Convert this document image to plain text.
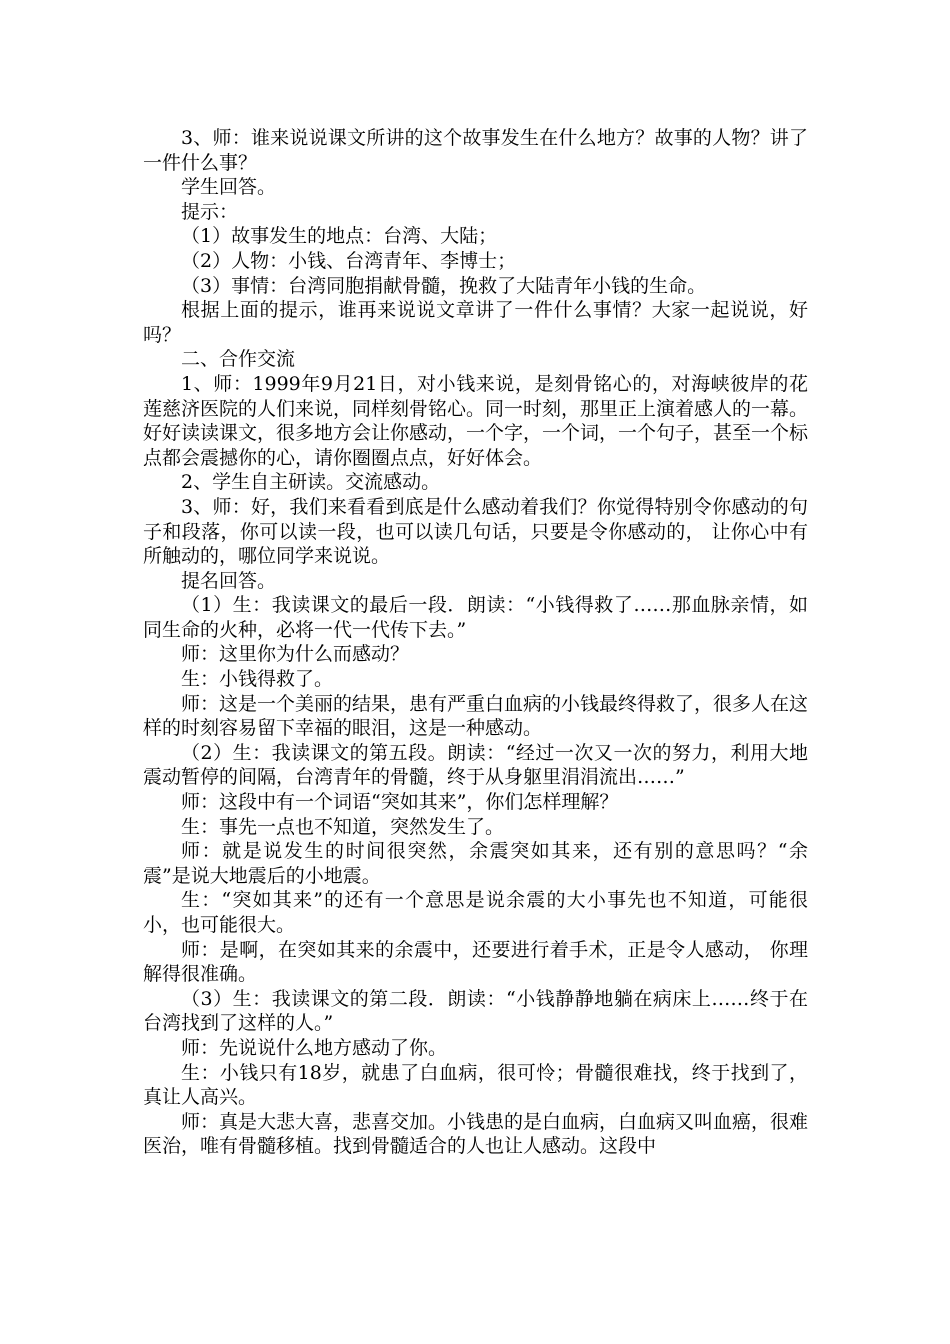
3、师：谁来说说课文所讲的这个故事发生在什么地方？故事的人物？讲了一件什么事？

学生回答。

提示：

（1）故事发生的地点：台湾、大陆；

（2）人物：小钱、台湾青年、李博士；

（3）事情：台湾同胞捐献骨髓，挽救了大陆青年小钱的生命。

根据上面的提示，谁再来说说文章讲了一件什么事情？大家一起说说，好吗？

二、合作交流

1、师：1999年9月21日，对小钱来说，是刻骨铭心的，对海峡彼岸的花莲慈济医院的人们来说，同样刻骨铭心。同一时刻，那里正上演着感人的一幕。好好读读课文，很多地方会让你感动，一个字，一个词，一个句子，甚至一个标点都会震撼你的心，请你圈圈点点，好好体会。

2、学生自主研读。交流感动。

3、师：好，我们来看看到底是什么感动着我们？你觉得特别令你感动的句子和段落，你可以读一段，也可以读几句话，只要是令你感动的， 让你心中有所触动的，哪位同学来说说。

提名回答。

（1）生：我读课文的最后一段．朗读：“小钱得救了……那血脉亲情，如同生命的火种，必将一代一代传下去。”

师：这里你为什么而感动？

生：小钱得救了。

师：这是一个美丽的结果，患有严重白血病的小钱最终得救了，很多人在这样的时刻容易留下幸福的眼泪，这是一种感动。

（2）生：我读课文的第五段。朗读：“经过一次又一次的努力，利用大地震动暂停的间隔，台湾青年的骨髓，终于从身躯里涓涓流出……”

师：这段中有一个词语“突如其来”，你们怎样理解？

生：事先一点也不知道，突然发生了。

师：就是说发生的时间很突然，余震突如其来，还有别的意思吗？“余震”是说大地震后的小地震。

生：“突如其来”的还有一个意思是说余震的大小事先也不知道，可能很小，也可能很大。

师：是啊，在突如其来的余震中，还要进行着手术，正是令人感动， 你理解得很准确。

（3）生：我读课文的第二段．朗读：“小钱静静地躺在病床上……终于在台湾找到了这样的人。”

师：先说说什么地方感动了你。

生：小钱只有18岁，就患了白血病，很可怜；骨髓很难找，终于找到了， 真让人高兴。

师：真是大悲大喜，悲喜交加。小钱患的是白血病，白血病又叫血癌，很难医治，唯有骨髓移植。找到骨髓适合的人也让人感动。这段中
